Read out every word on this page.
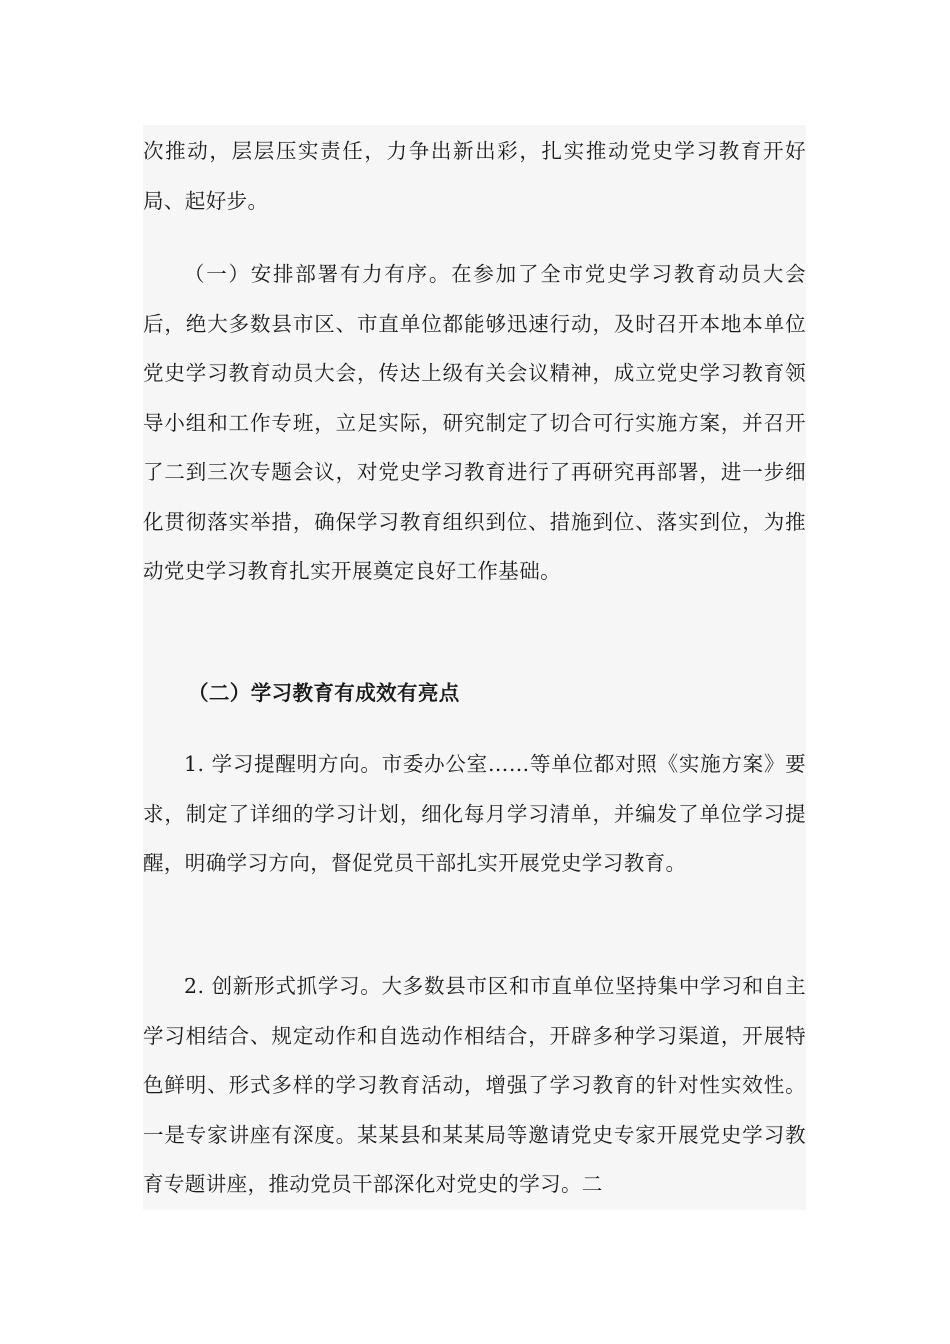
次推动，层层压实责任，力争出新出彩，扎实推动党史学习教育开好局、起好步。

（一）安排部署有力有序。在参加了全市党史学习教育动员大会后，绝大多数县市区、市直单位都能够迅速行动，及时召开本地本单位党史学习教育动员大会，传达上级有关会议精神，成立党史学习教育领导小组和工作专班，立足实际，研究制定了切合可行实施方案，并召开了二到三次专题会议，对党史学习教育进行了再研究再部署，进一步细化贯彻落实举措，确保学习教育组织到位、措施到位、落实到位，为推动党史学习教育扎实开展奠定良好工作基础。

（二）学习教育有成效有亮点

1. 学习提醒明方向。市委办公室……等单位都对照《实施方案》要求，制定了详细的学习计划，细化每月学习清单，并编发了单位学习提醒，明确学习方向，督促党员干部扎实开展党史学习教育。

2. 创新形式抓学习。大多数县市区和市直单位坚持集中学习和自主学习相结合、规定动作和自选动作相结合，开辟多种学习渠道，开展特色鲜明、形式多样的学习教育活动，增强了学习教育的针对性实效性。一是专家讲座有深度。某某县和某某局等邀请党史专家开展党史学习教育专题讲座，推动党员干部深化对党史的学习。二
